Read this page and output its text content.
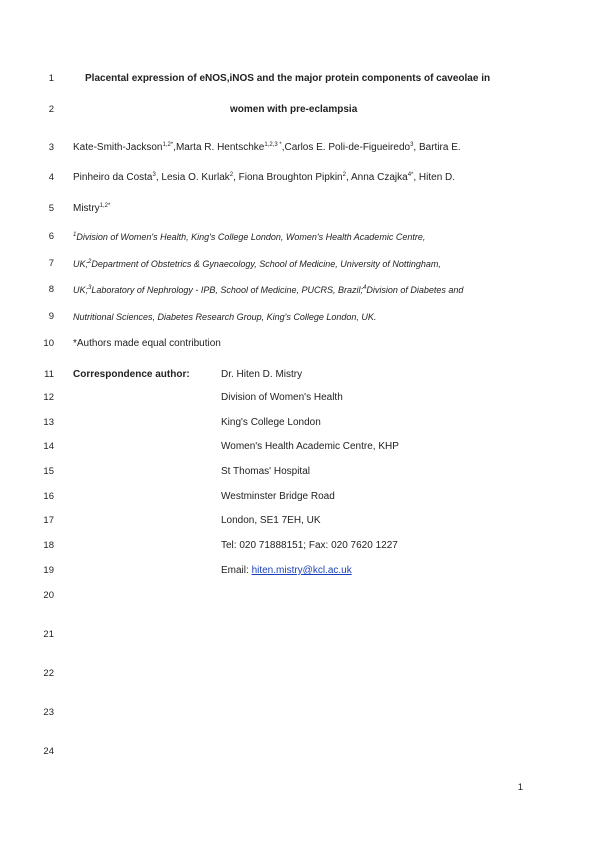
1
2
3
4
5
6
7
8
9
10
11
12
13
14
15
16
17
18
19
20
21
22
23
24
Placental expression of eNOS,iNOS and the major protein components of caveolae in
women with pre-eclampsia
Kate-Smith-Jackson$^{1,2*}$,Marta R. Hentschke$^{1,2,3 *}$,Carlos E. Poli-de-Figueiredo$^3$, Bartira E.
Pinheiro da Costa$^3$, Lesia O. Kurlak$^2$, Fiona Broughton Pipkin$^2$, Anna Czajka$^{4*}$, Hiten D.
Mistry$^{1,2*}$
$^1$Division of Women's Health, King's College London, Women's Health Academic Centre,
UK;$^2$Department of Obstetrics & Gynaecology, School of Medicine, University of Nottingham,
UK;$^3$Laboratory of Nephrology - IPB, School of Medicine, PUCRS, Brazil;$^4$Division of Diabetes and
Nutritional Sciences, Diabetes Research Group, King's College London, UK.
*Authors made equal contribution
Correspondence author:	Dr. Hiten D. Mistry
Division of Women's Health
King's College London
Women's Health Academic Centre, KHP
St Thomas' Hospital
Westminster Bridge Road
London, SE1 7EH, UK
Tel: 020 71888151; Fax: 020 7620 1227
Email: hiten.mistry@kcl.ac.uk
1
